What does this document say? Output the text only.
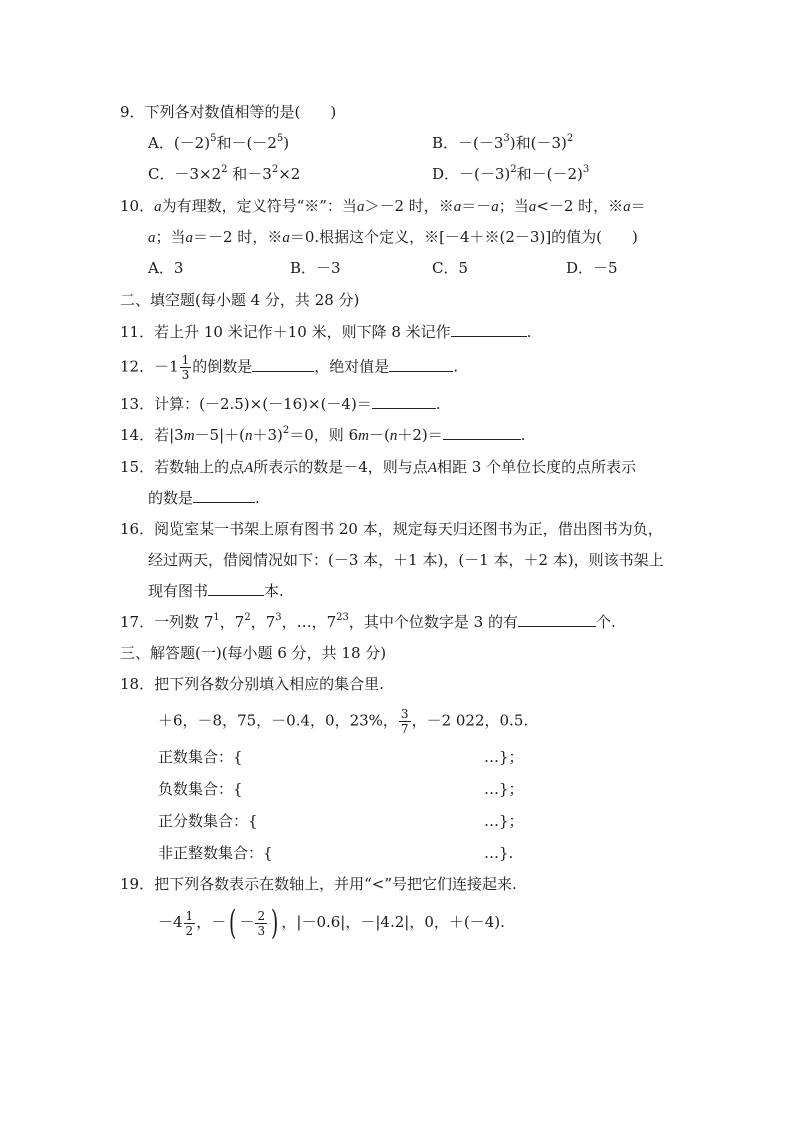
9．下列各对数值相等的是(　　)
A．$(-2)^5$和$-(-2^5)$	B．$-(-3^3)$和$(-3)^2$
C．$-3\times 2^2$ 和$-3^2\times 2$	D．$-(-3)^2$和$-(-2)^3$
10．a为有理数，定义符号“※”：当a＞－2 时，※a＝－a；当a<－2 时，※a＝
a；当a＝－2 时，※a＝0.根据这个定义，※[－4＋※(2－3)]的值为(　　)
A．3	B．－3	C．5	D．－5
二、填空题(每小题 4 分，共 28 分)
11．若上升 10 米记作＋10 米，则下降 8 米记作	.
12．$-1 \frac{1}{3}$ 的倒数是	，绝对值是	.
13．计算：(－2.5)×(－16)×(－4)＝	.
14．若$|3m-5|+(n+3)^2=0$，则 6m－(n＋2)＝	.
15．若数轴上的点A所表示的数是－4，则与点A相距 3 个单位长度的点所表示
的数是	.
16．阅览室某一书架上原有图书 20 本，规定每天归还图书为正，借出图书为负，
经过两天，借阅情况如下：(－3 本，＋1 本)，(－1 本，＋2 本)，则该书架上
现有图书	本.
17．一列数 $7^1$，$7^2$，$7^3$，…，$7^{23}$，其中个位数字是 3 的有	个.
三、解答题(一)(每小题 6 分，共 18 分)
18．把下列各数分别填入相应的集合里.
＋6，－8，75，－0.4，0，23%， $\frac{3}{7}$ ，－2 022，0.5.
正数集合：{	…}；
负数集合：{	…}；
正分数集合：{	…}；
非正整数集合：{	…}.
19．把下列各数表示在数轴上，并用“<”号把它们连接起来.
$-4 \frac{1}{2}$ ，－( － $\frac{2}{3}$ ) ，|－0.6|，－|4.2|，0，＋(－4).
